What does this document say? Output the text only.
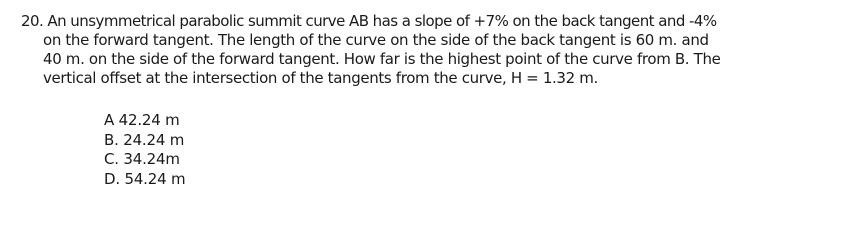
20. An unsymmetrical parabolic summit curve AB has a slope of +7% on the back tangent and -4%
on the forward tangent. The length of the curve on the side of the back tangent is 60 m. and
40 m. on the side of the forward tangent. How far is the highest point of the curve from B. The
vertical offset at the intersection of the tangents from the curve, H = 1.32 m.
A 42.24 m
B. 24.24 m
C. 34.24m
D. 54.24 m
